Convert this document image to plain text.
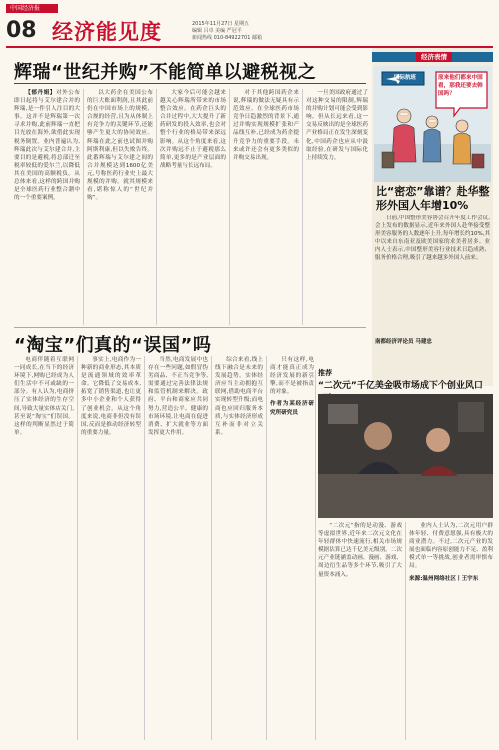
中国经济报
08 经济能见度	2015年11月27日 星期五
编辑 吕卓 美编 严冠平
新闻热线 010-84922701 邮箱
辉瑞“世纪并购”不能简单以避税视之

【郁丹娟】对外公布即日起将与艾尔建合并的辉瑞,是一件引人注目的大事。这并不是辉瑞第一次寻求并购,此前辉瑞一直把目光放在海外,欲借此实现税务倒置。业内普遍认为,辉瑞此次与艾尔建合并,主要目的是避税,将总部迁至税率较低的爱尔兰,以降低其在美国的高额税负。从总体来看,这样的跨国并购是全球医药行业整合潮中的一个重要案例。

以大药企在美国公布的巨大账面利润,且其此前仍在中国市场上的规模、合规的经营,且为从体制上有竞争力的关键环节,还能够产生更大的协同效应。辉瑞在此之前也试图并购阿斯利康,但以失败告终。此番辉瑞与艾尔建之间的合并规模达到1600亿美元,号称医药行业史上最大规模的并购。就其规模来看,堪称惊人的“世纪并购”。

大家今后可能会越来越关心辉瑞所带来的市场整合效应。在药企巨头的合并过程中,大大提升了新药研发的投入效率,也会对整个行业的格局带来深远影响。从这个角度来看,这次并购远不止于避税那么简单,更多的是产业层面的战略考量与长远布局。

对于其他跨国药企来说,辉瑞的做法无疑具有示范效应。在全球医药市场竞争日趋激烈的背景下,通过并购实现规模扩张和产品线互补,已经成为药企提升竞争力的重要手段。未来或许还会有更多类似的并购交易出现。

一旦美国政府通过了对这种交易的限制,辉瑞的并购计划可能会受到影响。但从长远来看,这一交易反映出的是全球医药产业格局正在发生深刻变化,中国药企也应从中汲取经验,在研发与国际化上持续发力。

经济表情
国际航班	原来他们都来中国看，那我还要去韩国吗？
比“密恋”靠谱？赴华整形外国人年增10%
日前,中国整形美容协会召开年度工作会议,会上发布的数据显示,近年来外国人赴华接受整形美容服务的人数逐年上升,每年增长约10%,其中以来自东南亚及欧美国家的求美者居多。业内人士表示,中国整形美容行业技术日趋成熟、服务价格合理,吸引了越来越多外国人前来。
南都经济评论员 马建忠
“淘宝”们真的“误国”吗

电商伴随着互联网一同成长,在当下的经济环境下,网购已经成为人们生活中不可或缺的一部分。有人认为,电商挤压了实体经济的生存空间,导致大量实体店关门,甚至说“淘宝”们误国。这样的判断显然过于简单。

事实上,电商作为一种新的商业形态,其本质是流通领域的效率革命。它降低了交易成本,拓宽了销售渠道,也让更多中小企业和个人获得了创业机会。从这个角度来说,电商非但没有误国,反而是推动经济转型的重要力量。

当然,电商发展中也存在一些问题,如假冒伪劣商品、不正当竞争等,需要通过完善法律法规和监管机制来解决。政府、平台和商家应共同努力,营造公平、健康的市场环境,让电商在促进消费、扩大就业等方面发挥更大作用。

综合来看,线上线下融合是未来的发展趋势。实体经济应当主动拥抱互联网,借助电商平台实现转型升级;而电商也应回归服务本质,与实体经济形成互补而非对立关系。

只有这样,电商才能真正成为经济发展的新引擎,而不是被指责的对象。

作者为某经济研究所研究员

推荐
“二次元”千亿美金吸市场成下个创业风口

“二次元”指的是动漫、游戏等虚拟世界,近年来二次元文化在年轻群体中快速流行,相关市场规模据估算已达千亿美元级别。二次元产业链涵盖动画、漫画、游戏、周边衍生品等多个环节,吸引了大量资本涌入。

业内人士认为,二次元用户群体年轻、付费意愿强,具有极大的商业潜力。不过,二次元产业的发展也面临内容原创能力不足、盈利模式单一等挑战,创业者需审慎布局。

来源:温州网络社区丨王宇东
